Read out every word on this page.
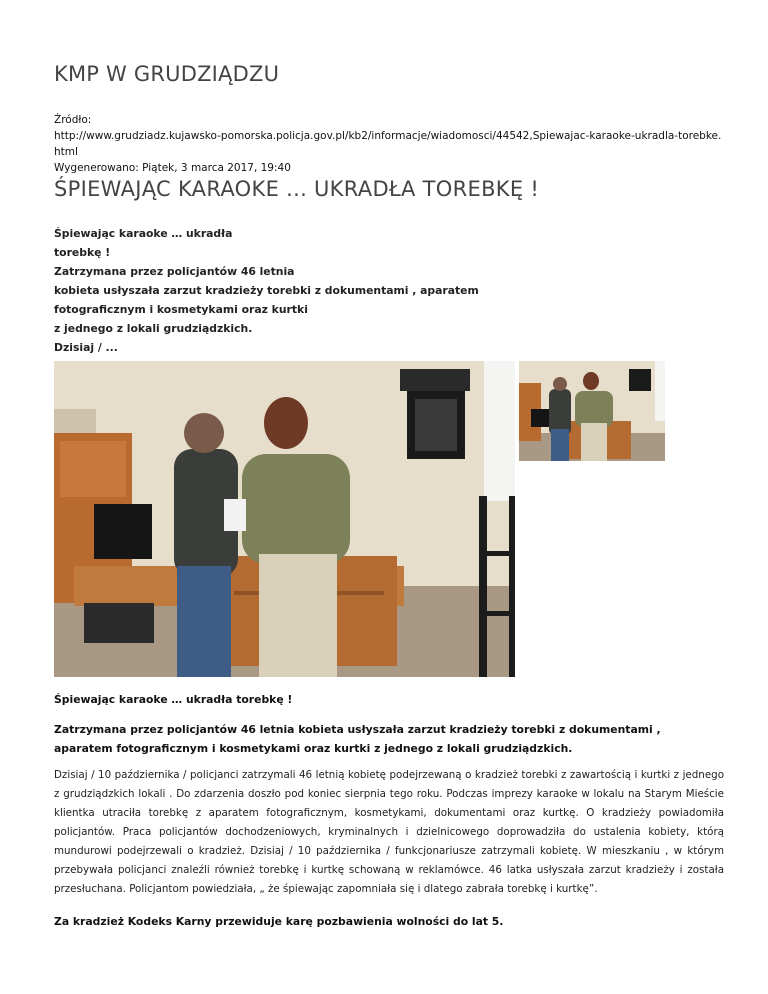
KMP W GRUDZIĄDZU
Źródło:
http://www.grudziadz.kujawsko-pomorska.policja.gov.pl/kb2/informacje/wiadomosci/44542,Spiewajac-karaoke-ukradla-torebke.html
Wygenerowano: Piątek, 3 marca 2017, 19:40
ŚPIEWAJĄC KARAOKE ... UKRADŁA TOREBKĘ !
Śpiewając karaoke … ukradła
torebkę !
Zatrzymana przez policjantów 46 letnia
kobieta usłyszała zarzut kradzieży torebki z dokumentami , aparatem
fotograficznym i kosmetykami oraz kurtki
z jednego z lokali grudziądzkich.
Dzisiaj / ...
Śpiewając karaoke … ukradła torebkę !
Zatrzymana przez policjantów 46 letnia kobieta usłyszała zarzut kradzieży torebki z dokumentami , aparatem fotograficznym i kosmetykami oraz kurtki z jednego z lokali grudziądzkich.
Dzisiaj / 10 października / policjanci zatrzymali 46 letnią kobietę podejrzewaną o kradzież torebki z zawartością i kurtki z jednego z grudziądzkich lokali . Do zdarzenia doszło pod koniec sierpnia tego roku. Podczas imprezy karaoke w lokalu na Starym Mieście klientka utraciła torebkę z aparatem fotograficznym, kosmetykami, dokumentami oraz kurtkę. O kradzieży powiadomiła policjantów. Praca policjantów dochodzeniowych, kryminalnych i dzielnicowego doprowadziła do ustalenia kobiety, którą mundurowi podejrzewali o kradzież. Dzisiaj / 10 października / funkcjonariusze zatrzymali kobietę. W mieszkaniu , w którym przebywała policjanci znaleźli również torebkę i kurtkę schowaną w reklamówce. 46 latka usłyszała zarzut kradzieży i została przesłuchana. Policjantom powiedziała, „ że śpiewając zapomniała się i dlatego zabrała torebkę i kurtkę”.
Za kradzież Kodeks Karny przewiduje karę pozbawienia wolności do lat 5.
